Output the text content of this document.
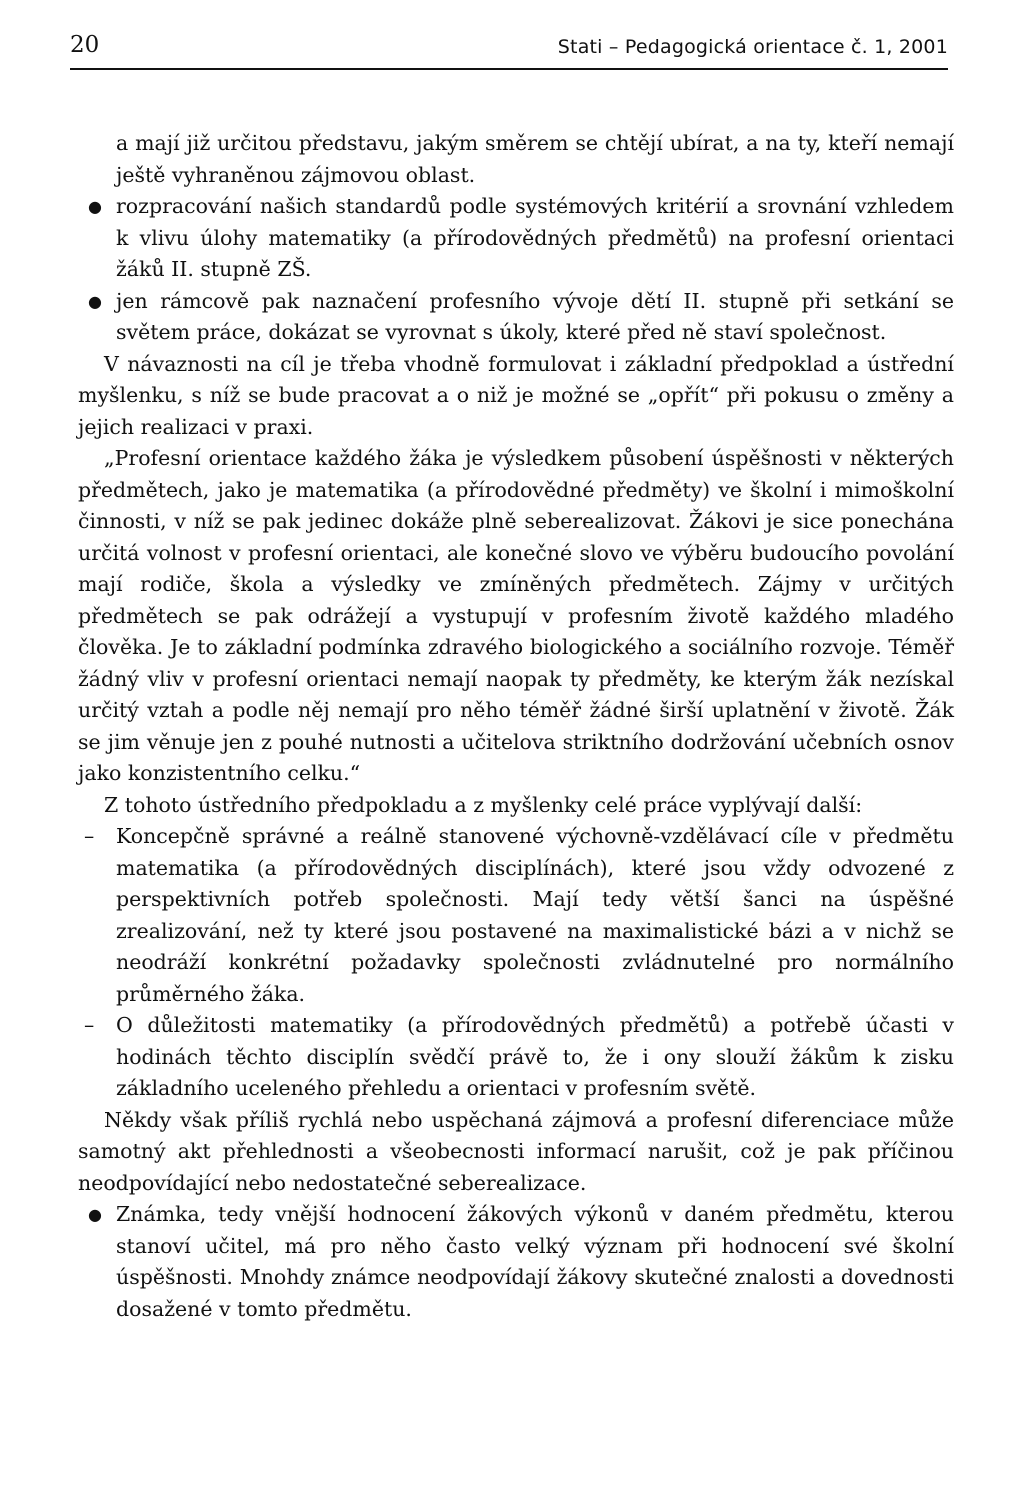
20	Stati – Pedagogická orientace č. 1, 2001

a mají již určitou představu, jakým směrem se chtějí ubírat, a na ty, kteří nemají ještě vyhraněnou zájmovou oblast.

● rozpracování našich standardů podle systémových kritérií a srovnání vzhledem k vlivu úlohy matematiky (a přírodovědných předmětů) na profesní orientaci žáků II. stupně ZŠ.
● jen rámcově pak naznačení profesního vývoje dětí II. stupně při setkání se světem práce, dokázat se vyrovnat s úkoly, které před ně staví společnost.

V návaznosti na cíl je třeba vhodně formulovat i základní předpoklad a ústřední myšlenku, s níž se bude pracovat a o niž je možné se „opřít“ při pokusu o změny a jejich realizaci v praxi.

„Profesní orientace každého žáka je výsledkem působení úspěšnosti v některých předmětech, jako je matematika (a přírodovědné předměty) ve školní i mimoškolní činnosti, v níž se pak jedinec dokáže plně seberealizovat. Žákovi je sice ponechána určitá volnost v profesní orientaci, ale konečné slovo ve výběru budoucího povolání mají rodiče, škola a výsledky ve zmíněných předmětech. Zájmy v určitých předmětech se pak odrážejí a vystupují v profesním životě každého mladého člověka. Je to základní podmínka zdravého biologického a sociálního rozvoje. Téměř žádný vliv v profesní orientaci nemají naopak ty předměty, ke kterým žák nezískal určitý vztah a podle něj nemají pro něho téměř žádné širší uplatnění v životě. Žák se jim věnuje jen z pouhé nutnosti a učitelova striktního dodržování učebních osnov jako konzistentního celku.“

Z tohoto ústředního předpokladu a z myšlenky celé práce vyplývají další:

– Koncepčně správné a reálně stanovené výchovně-vzdělávací cíle v předmětu matematika (a přírodovědných disciplínách), které jsou vždy odvozené z perspektivních potřeb společnosti. Mají tedy větší šanci na úspěšné zrealizování, než ty které jsou postavené na maximalistické bázi a v nichž se neodráží konkrétní požadavky společnosti zvládnutelné pro normálního průměrného žáka.
– O důležitosti matematiky (a přírodovědných předmětů) a potřebě účasti v hodinách těchto disciplín svědčí právě to, že i ony slouží žákům k zisku základního uceleného přehledu a orientaci v profesním světě.

Někdy však příliš rychlá nebo uspěchaná zájmová a profesní diferenciace může samotný akt přehlednosti a všeobecnosti informací narušit, což je pak příčinou neodpovídající nebo nedostatečné seberealizace.

● Známka, tedy vnější hodnocení žákových výkonů v daném předmětu, kterou stanoví učitel, má pro něho často velký význam při hodnocení své školní úspěšnosti. Mnohdy známce neodpovídají žákovy skutečné znalosti a dovednosti dosažené v tomto předmětu.
